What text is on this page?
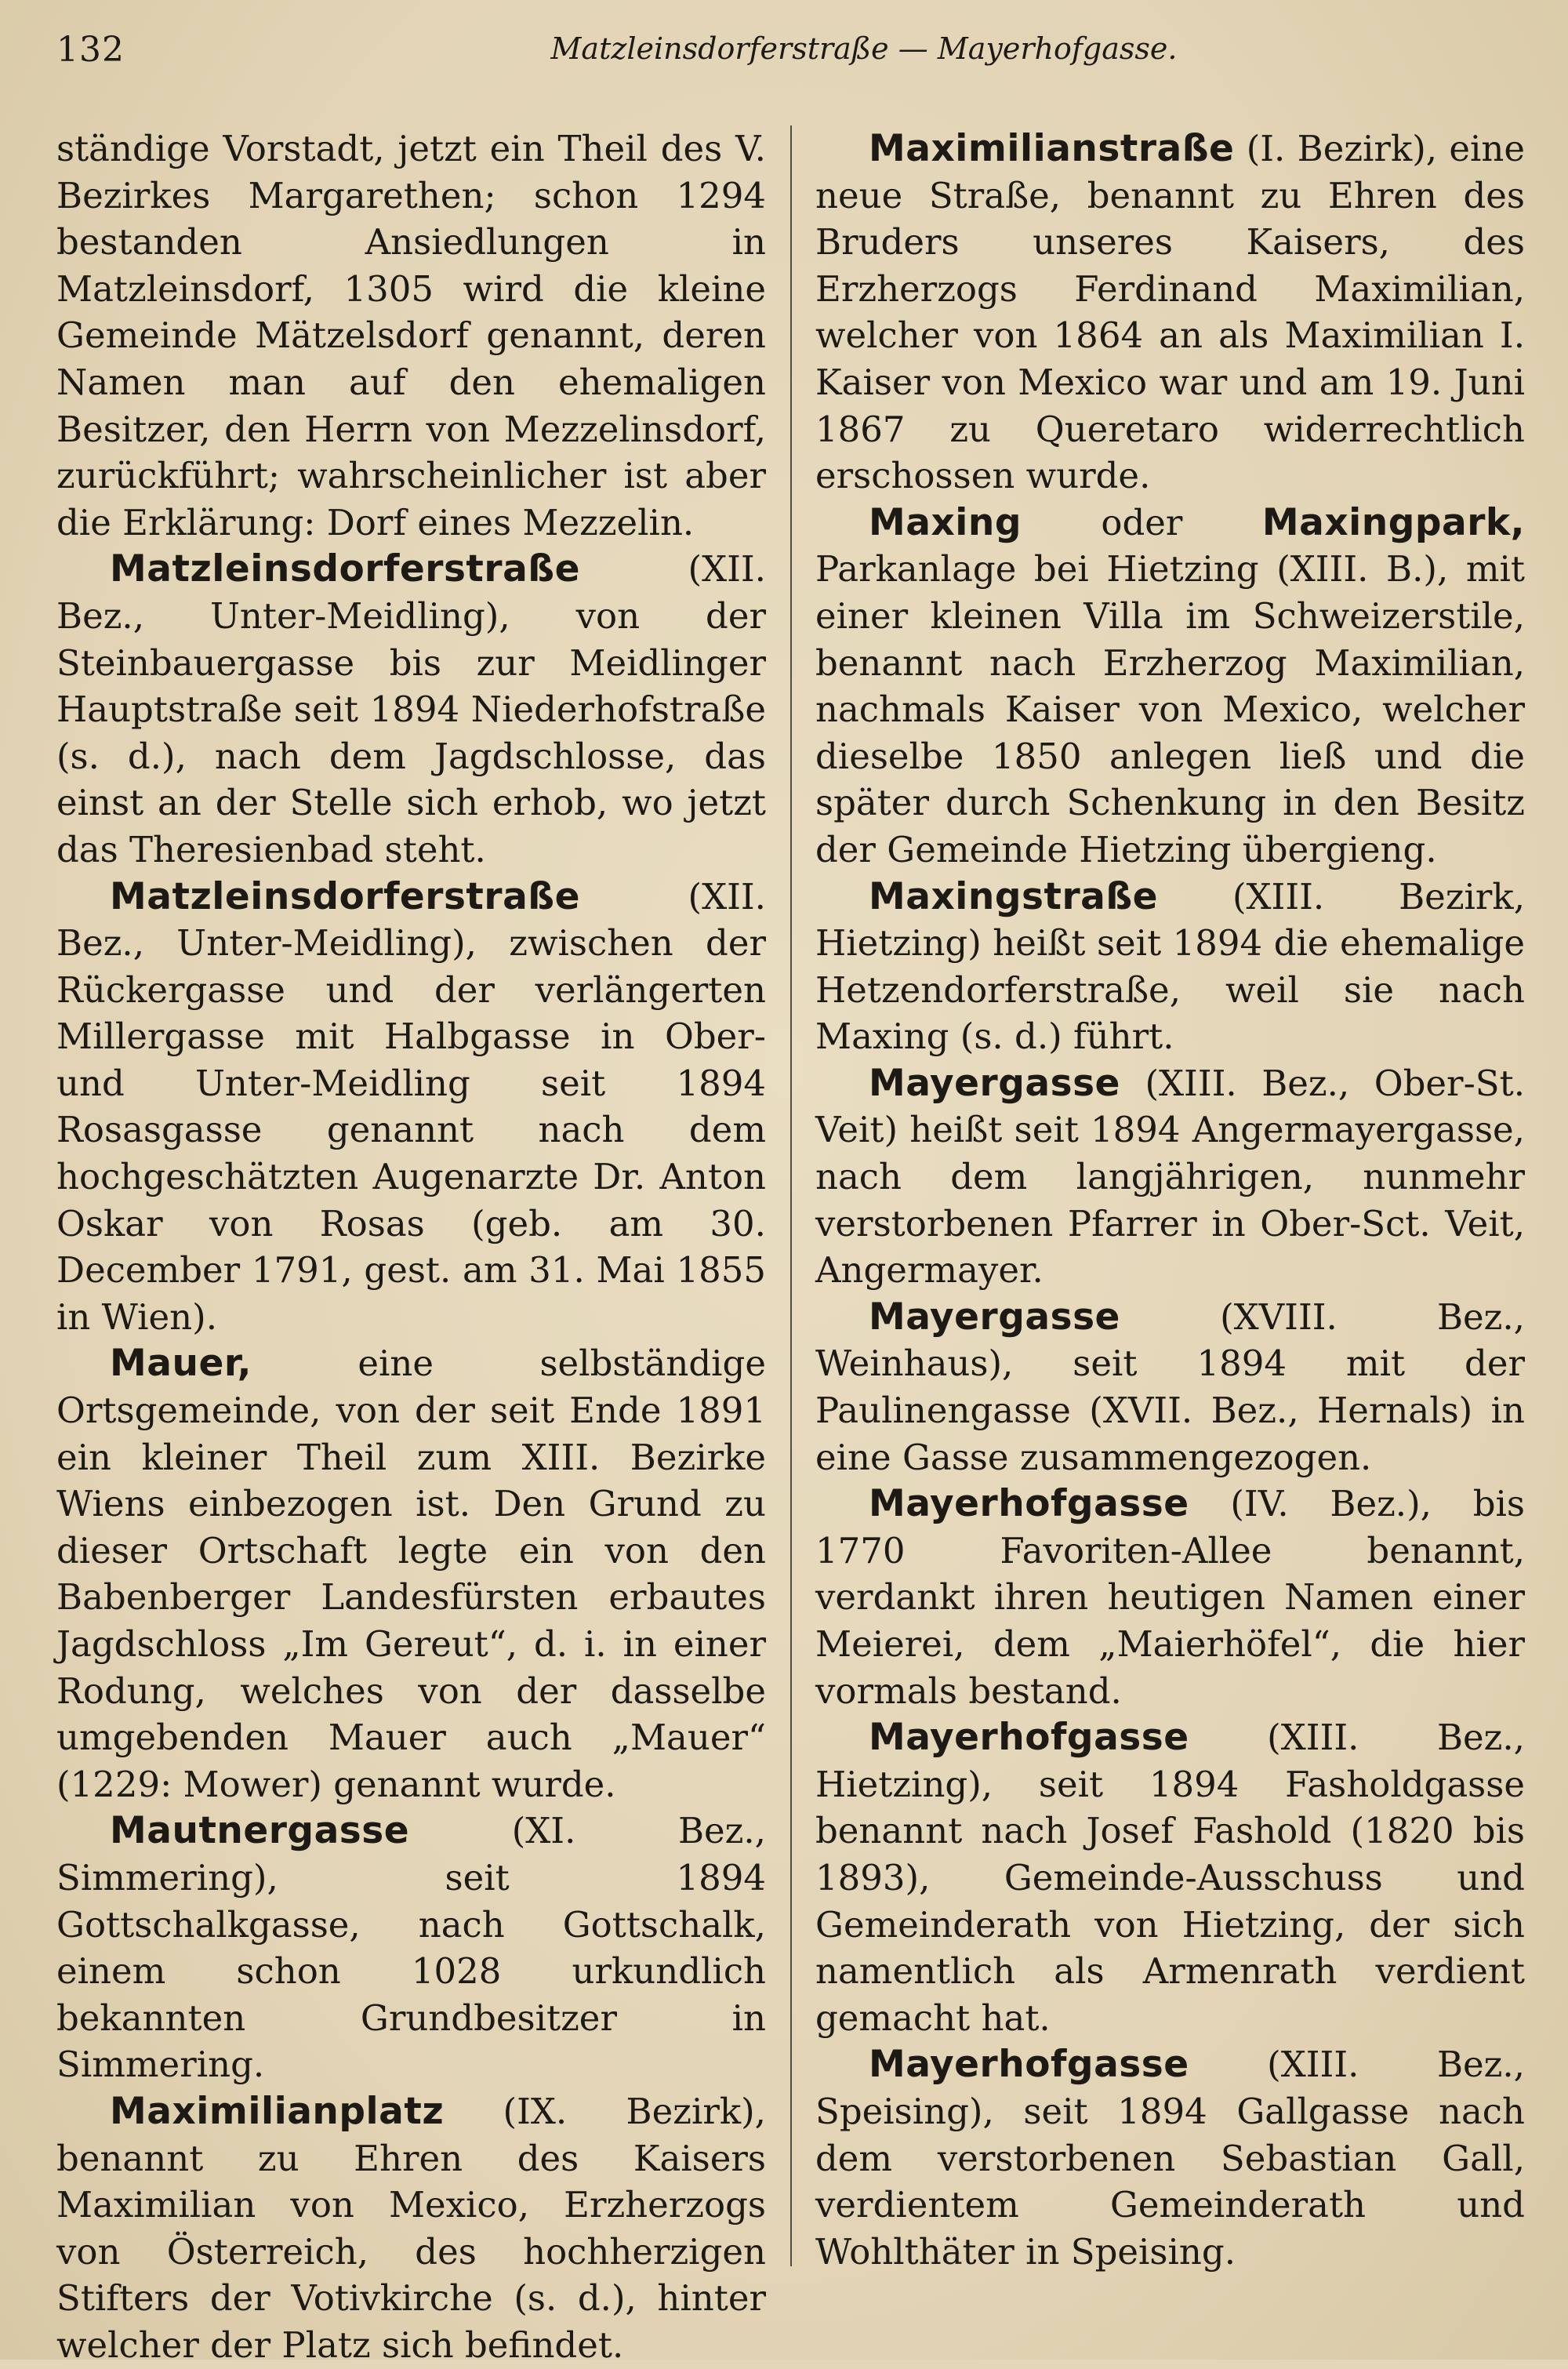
132	Matzleinsdorferstraße — Mayerhofgasse.

ständige Vorstadt, jetzt ein Theil des V. Bezirkes Margarethen; schon 1294 bestanden Ansiedlungen in Matzleinsdorf, 1305 wird die kleine Gemeinde Mätzelsdorf genannt, deren Namen man auf den ehemaligen Besitzer, den Herrn von Mezzelinsdorf, zurückführt; wahrscheinlicher ist aber die Erklärung: Dorf eines Mezzelin.

Matzleinsdorferstraße (XII. Bez., Unter-Meidling), von der Steinbauergasse bis zur Meidlinger Hauptstraße seit 1894 Niederhofstraße (s. d.), nach dem Jagdschlosse, das einst an der Stelle sich erhob, wo jetzt das Theresienbad steht.

Matzleinsdorferstraße (XII. Bez., Unter-Meidling), zwischen der Rückergasse und der verlängerten Millergasse mit Halbgasse in Ober- und Unter-Meidling seit 1894 Rosasgasse genannt nach dem hochgeschätzten Augenarzte Dr. Anton Oskar von Rosas (geb. am 30. December 1791, gest. am 31. Mai 1855 in Wien).

Mauer, eine selbständige Ortsgemeinde, von der seit Ende 1891 ein kleiner Theil zum XIII. Bezirke Wiens einbezogen ist. Den Grund zu dieser Ortschaft legte ein von den Babenberger Landesfürsten erbautes Jagdschloss „Im Gereut“, d. i. in einer Rodung, welches von der dasselbe umgebenden Mauer auch „Mauer“ (1229: Mower) genannt wurde.

Mautnergasse (XI. Bez., Simmering), seit 1894 Gottschalkgasse, nach Gottschalk, einem schon 1028 urkundlich bekannten Grundbesitzer in Simmering.

Maximilianplatz (IX. Bezirk), benannt zu Ehren des Kaisers Maximilian von Mexico, Erzherzogs von Österreich, des hochherzigen Stifters der Votivkirche (s. d.), hinter welcher der Platz sich befindet.

Maximilianstraße (I. Bezirk), eine neue Straße, benannt zu Ehren des Bruders unseres Kaisers, des Erzherzogs Ferdinand Maximilian, welcher von 1864 an als Maximilian I. Kaiser von Mexico war und am 19. Juni 1867 zu Queretaro widerrechtlich erschossen wurde.

Maxing oder Maxingpark, Parkanlage bei Hietzing (XIII. B.), mit einer kleinen Villa im Schweizerstile, benannt nach Erzherzog Maximilian, nachmals Kaiser von Mexico, welcher dieselbe 1850 anlegen ließ und die später durch Schenkung in den Besitz der Gemeinde Hietzing übergieng.

Maxingstraße (XIII. Bezirk, Hietzing) heißt seit 1894 die ehemalige Hetzendorferstraße, weil sie nach Maxing (s. d.) führt.

Mayergasse (XIII. Bez., Ober-St. Veit) heißt seit 1894 Angermayergasse, nach dem langjährigen, nunmehr verstorbenen Pfarrer in Ober-Sct. Veit, Angermayer.

Mayergasse (XVIII. Bez., Weinhaus), seit 1894 mit der Paulinengasse (XVII. Bez., Hernals) in eine Gasse zusammengezogen.

Mayerhofgasse (IV. Bez.), bis 1770 Favoriten-Allee benannt, verdankt ihren heutigen Namen einer Meierei, dem „Maierhöfel“, die hier vormals bestand.

Mayerhofgasse (XIII. Bez., Hietzing), seit 1894 Fasholdgasse benannt nach Josef Fashold (1820 bis 1893), Gemeinde-Ausschuss und Gemeinderath von Hietzing, der sich namentlich als Armenrath verdient gemacht hat.

Mayerhofgasse (XIII. Bez., Speising), seit 1894 Gallgasse nach dem verstorbenen Sebastian Gall, verdientem Gemeinderath und Wohlthäter in Speising.
